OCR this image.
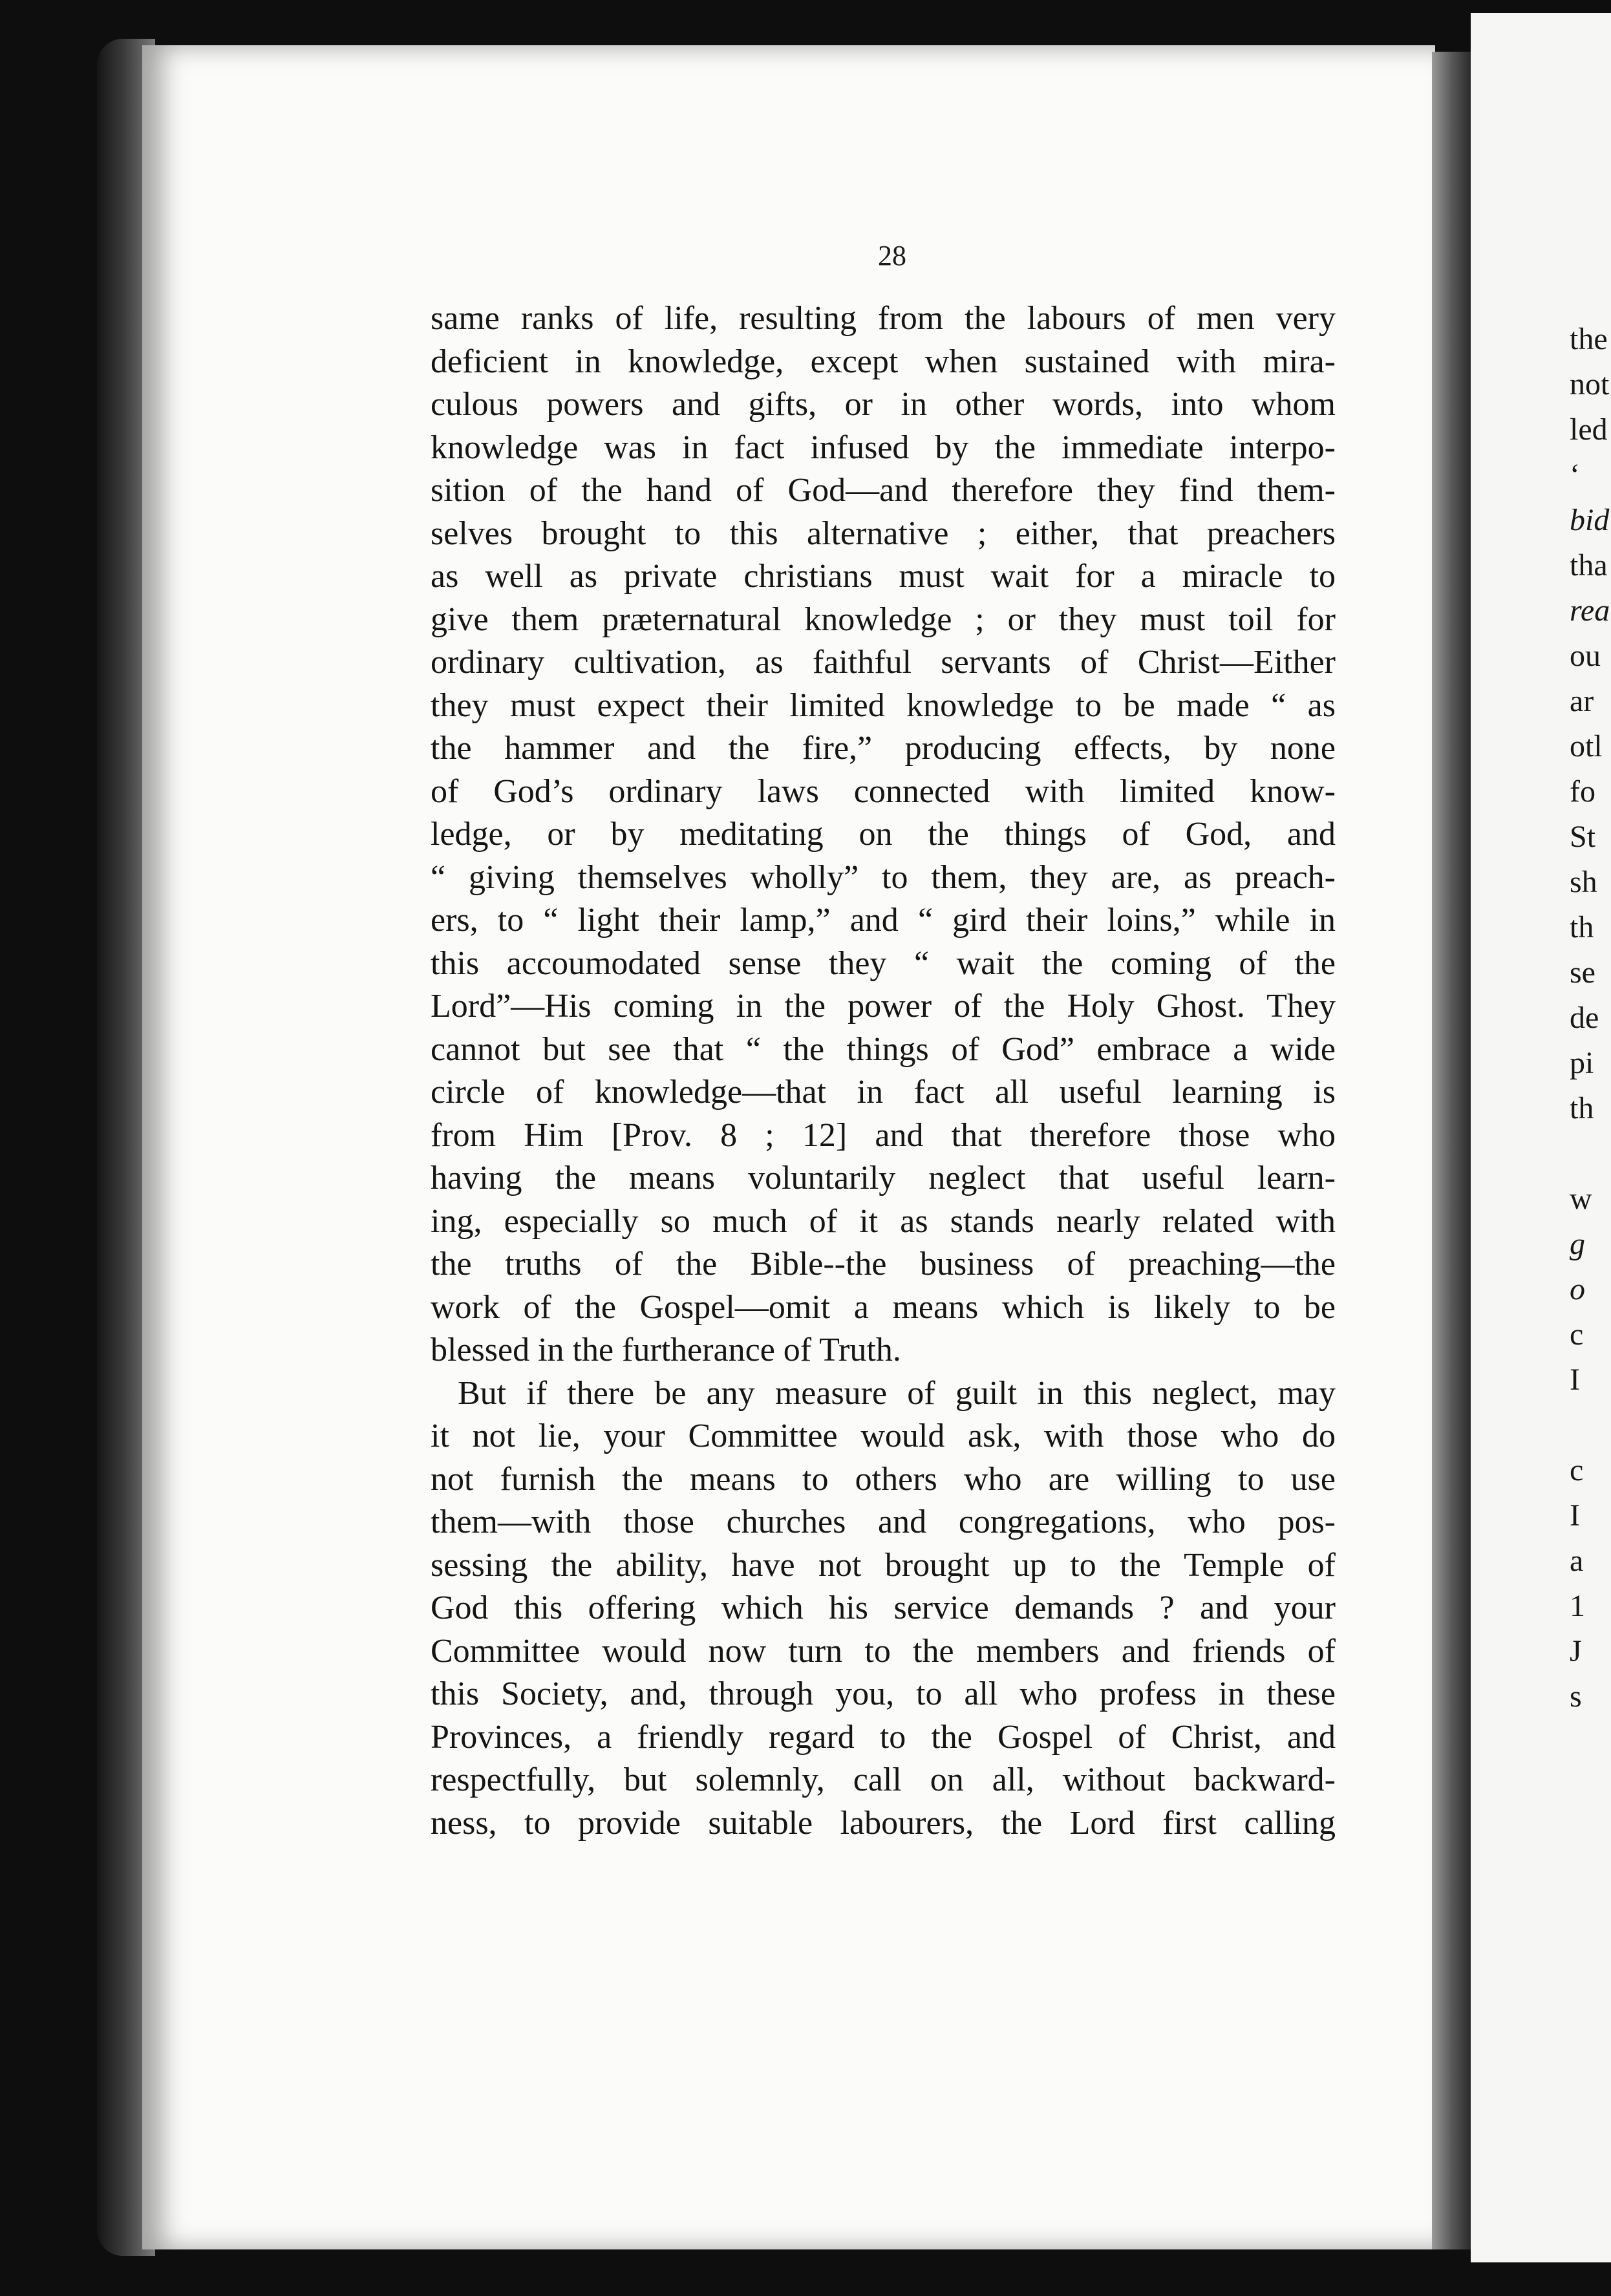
28
same ranks of life, resulting from the labours of men very
deficient in knowledge, except when sustained with mira-
culous powers and gifts, or in other words, into whom
knowledge was in fact infused by the immediate interpo-
sition of the hand of God—and therefore they find them-
selves brought to this alternative ; either, that preachers
as well as private christians must wait for a miracle to
give them præternatural knowledge ; or they must toil for
ordinary cultivation, as faithful servants of Christ—Either
they must expect their limited knowledge to be made “ as
the hammer and the fire,” producing effects, by none
of God’s ordinary laws connected with limited know-
ledge, or by meditating on the things of God, and
“ giving themselves wholly” to them, they are, as preach-
ers, to “ light their lamp,” and “ gird their loins,” while in
this accoumodated sense they “ wait the coming of the
Lord”—His coming in the power of the Holy Ghost. They
cannot but see that “ the things of God” embrace a wide
circle of knowledge—that in fact all useful learning is
from Him [Prov. 8 ; 12] and that therefore those who
having the means voluntarily neglect that useful learn-
ing, especially so much of it as stands nearly related with
the truths of the Bible--the business of preaching—the
work of the Gospel—omit a means which is likely to be
blessed in the furtherance of Truth.
But if there be any measure of guilt in this neglect, may
it not lie, your Committee would ask, with those who do
not furnish the means to others who are willing to use
them—with those churches and congregations, who pos-
sessing the ability, have not brought up to the Temple of
God this offering which his service demands ? and your
Committee would now turn to the members and friends of
this Society, and, through you, to all who profess in these
Provinces, a friendly regard to the Gospel of Christ, and
respectfully, but solemnly, call on all, without backward-
ness, to provide suitable labourers, the Lord first calling
the
not
led
‘
bid
tha
rea
ou
ar
otl
fo
St
sh
th
se
de
pi
th
w
g
o
c
I
c
I
a
1
J
s
